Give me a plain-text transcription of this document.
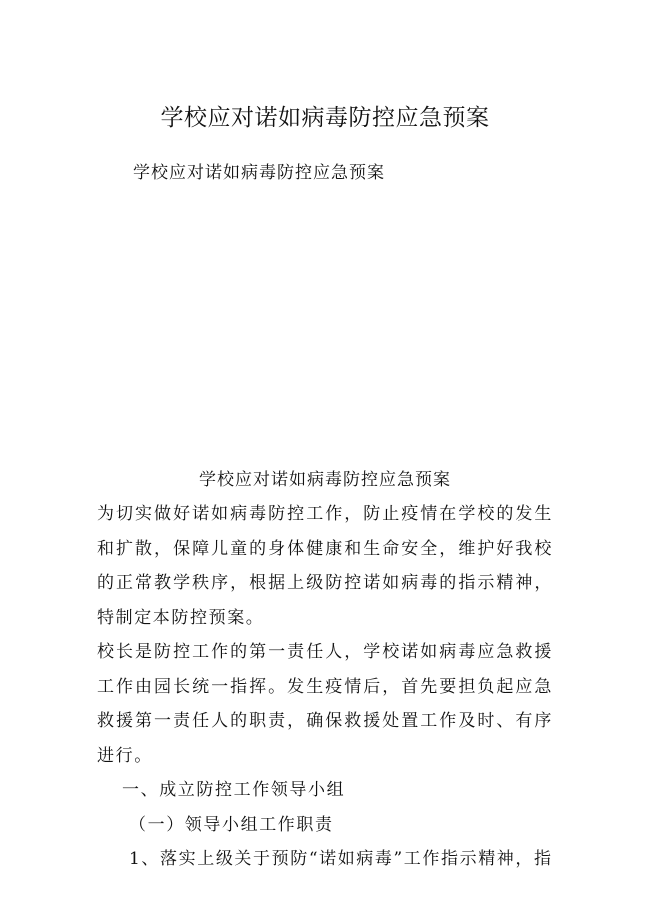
学校应对诺如病毒防控应急预案

学校应对诺如病毒防控应急预案

学校应对诺如病毒防控应急预案

为切实做好诺如病毒防控工作，防止疫情在学校的发生和扩散，保障儿童的身体健康和生命安全，维护好我校的正常教学秩序，根据上级防控诺如病毒的指示精神，特制定本防控预案。

校长是防控工作的第一责任人，学校诺如病毒应急救援工作由园长统一指挥。发生疫情后，首先要担负起应急救援第一责任人的职责，确保救援处置工作及时、有序进行。

一、成立防控工作领导小组

（一）领导小组工作职责

1、落实上级关于预防“诺如病毒”工作指示精神，指
